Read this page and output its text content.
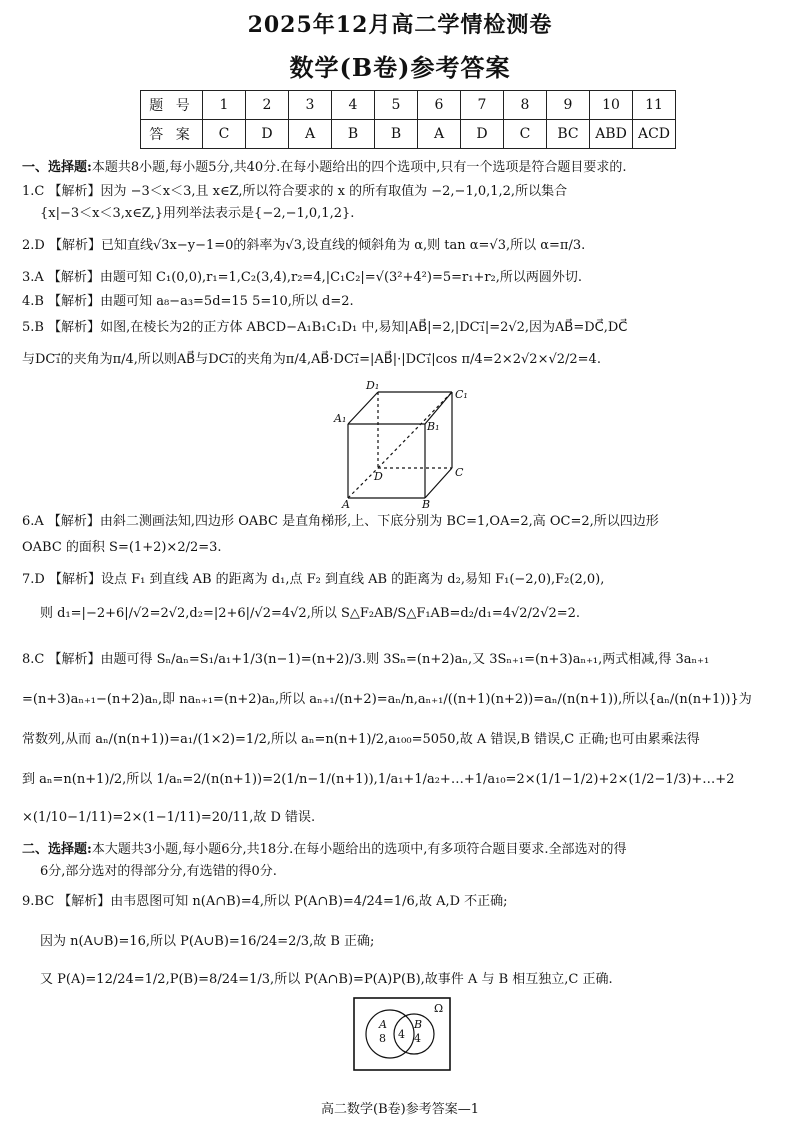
2025年12月高二学情检测卷
数学(B卷)参考答案
题 号	1	2	3	4	5	6	7	8	9	10	11
答 案	C	D	A	B	B	A	D	C	BC	ABD	ACD
一、选择题:本题共8小题,每小题5分,共40分.在每小题给出的四个选项中,只有一个选项是符合题目要求的.
1.C 【解析】因为 −3＜x＜3,且 x∈Z,所以符合要求的 x 的所有取值为 −2,−1,0,1,2,所以集合
{x|−3＜x＜3,x∈Z,}用列举法表示是{−2,−1,0,1,2}.
2.D 【解析】已知直线√3x−y−1=0的斜率为√3,设直线的倾斜角为 α,则 tan α=√3,所以 α=π/3.
3.A 【解析】由题可知 C₁(0,0),r₁=1,C₂(3,4),r₂=4,|C₁C₂|=√(3²+4²)=5=r₁+r₂,所以两圆外切.
4.B 【解析】由题可知 a₈−a₃=5d=15 5=10,所以 d=2.
5.B 【解析】如图,在棱长为2的正方体 ABCD−A₁B₁C₁D₁ 中,易知|AB⃗|=2,|DC₁⃗|=2√2,因为AB⃗=DC⃗,DC⃗
与DC₁⃗的夹角为π/4,所以则AB⃗与DC₁⃗的夹角为π/4,AB⃗·DC₁⃗=|AB⃗|·|DC₁⃗|cos π/4=2×2√2×√2/2=4.
D₁
C₁
A₁
B₁
D	C
A	B
6.A 【解析】由斜二测画法知,四边形 OABC 是直角梯形,上、下底分别为 BC=1,OA=2,高 OC=2,所以四边形
OABC 的面积 S=(1+2)×2/2=3.
7.D 【解析】设点 F₁ 到直线 AB 的距离为 d₁,点 F₂ 到直线 AB 的距离为 d₂,易知 F₁(−2,0),F₂(2,0),
则 d₁=|−2+6|/√2=2√2,d₂=|2+6|/√2=4√2,所以 S△F₂AB/S△F₁AB=d₂/d₁=4√2/2√2=2.
8.C 【解析】由题可得 Sₙ/aₙ=S₁/a₁+1/3(n−1)=(n+2)/3.则 3Sₙ=(n+2)aₙ,又 3Sₙ₊₁=(n+3)aₙ₊₁,两式相减,得 3aₙ₊₁
=(n+3)aₙ₊₁−(n+2)aₙ,即 naₙ₊₁=(n+2)aₙ,所以 aₙ₊₁/(n+2)=aₙ/n,aₙ₊₁/((n+1)(n+2))=aₙ/(n(n+1)),所以{aₙ/(n(n+1))}为
常数列,从而 aₙ/(n(n+1))=a₁/(1×2)=1/2,所以 aₙ=n(n+1)/2,a₁₀₀=5050,故 A 错误,B 错误,C 正确;也可由累乘法得
到 aₙ=n(n+1)/2,所以 1/aₙ=2/(n(n+1))=2(1/n−1/(n+1)),1/a₁+1/a₂+…+1/a₁₀=2×(1/1−1/2)+2×(1/2−1/3)+…+2
×(1/10−1/11)=2×(1−1/11)=20/11,故 D 错误.
二、选择题:本大题共3小题,每小题6分,共18分.在每小题给出的选项中,有多项符合题目要求.全部选对的得
6分,部分选对的得部分分,有选错的得0分.
9.BC 【解析】由韦恩图可知 n(A∩B)=4,所以 P(A∩B)=4/24=1/6,故 A,D 不正确;
因为 n(A∪B)=16,所以 P(A∪B)=16/24=2/3,故 B 正确;
又 P(A)=12/24=1/2,P(B)=8/24=1/3,所以 P(A∩B)=P(A)P(B),故事件 A 与 B 相互独立,C 正确.
Ω
A
8 4
B
4
高二数学(B卷)参考答案—1
